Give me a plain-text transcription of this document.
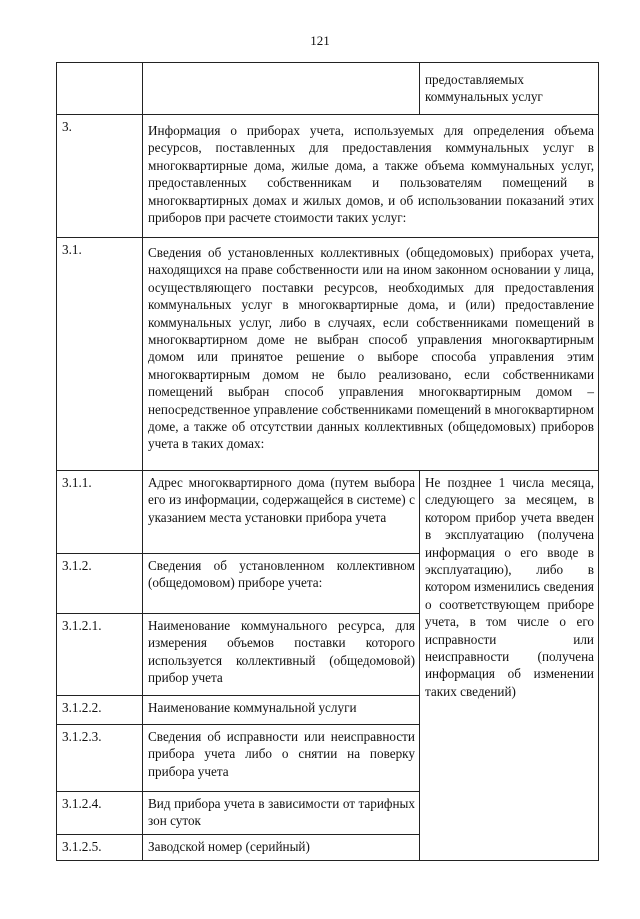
121
		предоставляемых коммунальных услуг
3.	Информация о приборах учета, используемых для определения объема ресурсов, поставленных для предоставления коммунальных услуг в многоквартирные дома, жилые дома, а также объема коммунальных услуг, предоставленных собственникам и пользователям помещений в многоквартирных домах и жилых домов, и об использовании показаний этих приборов при расчете стоимости таких услуг:	
3.1.	Сведения об установленных коллективных (общедомовых) приборах учета, находящихся на праве собственности или на ином законном основании у лица, осуществляющего поставки ресурсов, необходимых для предоставления коммунальных услуг в многоквартирные дома, и (или) предоставление коммунальных услуг, либо в случаях, если собственниками помещений в многоквартирном доме не выбран способ управления многоквартирным домом или принятое решение о выборе способа управления этим многоквартирным домом не было реализовано, если собственниками помещений выбран способ управления многоквартирным домом – непосредственное управление собственниками помещений в многоквартирном доме, а также об отсутствии данных коллективных (общедомовых) приборов учета в таких домах:	
3.1.1.	Адрес многоквартирного дома (путем выбора его из информации, содержащейся в системе) с указанием места установки прибора учета	Не позднее 1 числа месяца, следующего за месяцем, в котором прибор учета введен в эксплуатацию (получена информация о его вводе в эксплуатацию), либо в котором изменились сведения о соответствующем приборе учета, в том числе о его исправности или неисправности (получена информация об изменении таких сведений)
3.1.2.	Сведения об установленном коллективном (общедомовом) приборе учета:	
3.1.2.1.	Наименование коммунального ресурса, для измерения объемов поставки которого используется коллективный (общедомовой) прибор учета	
3.1.2.2.	Наименование коммунальной услуги	
3.1.2.3.	Сведения об исправности или неисправности прибора учета либо о снятии на поверку прибора учета	
3.1.2.4.	Вид прибора учета в зависимости от тарифных зон суток	
3.1.2.5.	Заводской номер (серийный)	
